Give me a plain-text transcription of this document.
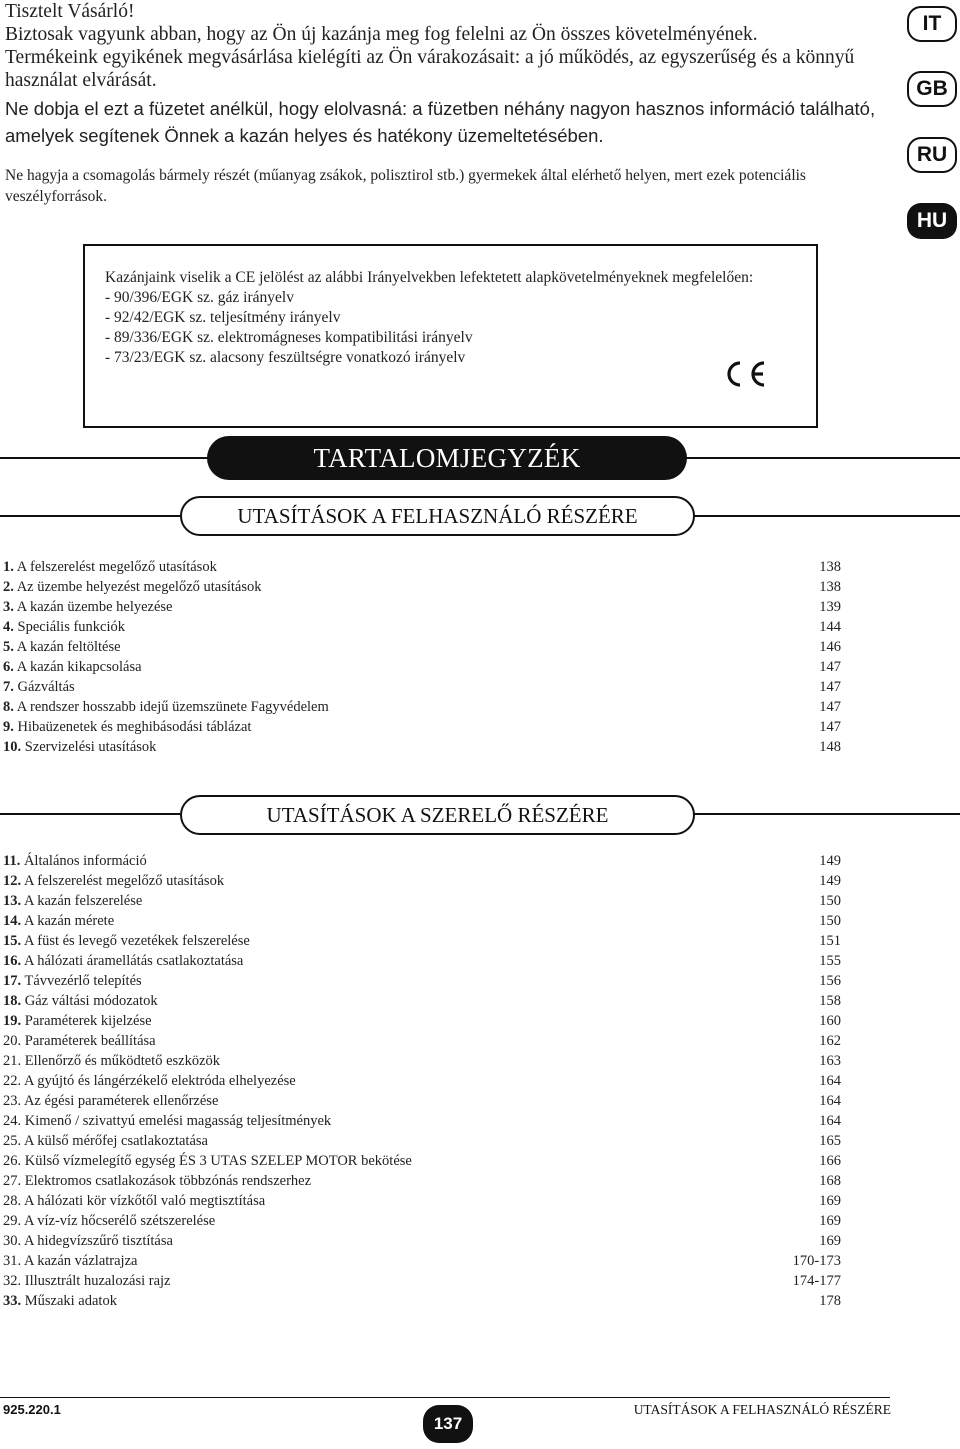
Tisztelt Vásárló!
Biztosak vagyunk abban, hogy az Ön új kazánja meg fog felelni az Ön összes követelményének.
Termékeink egyikének megvásárlása kielégíti az Ön várakozásait: a jó működés, az egyszerűség és a könnyű használat elvárását.
Ne dobja el ezt a füzetet anélkül, hogy elolvasná: a füzetben néhány nagyon hasznos információ található, amelyek segítenek Önnek a kazán helyes és hatékony üzemeltetésében.
Ne hagyja a csomagolás bármely részét (műanyag zsákok, polisztirol stb.) gyermekek által elérhető helyen, mert ezek potenciális veszélyforrások.
IT
GB
RU
HU
Kazánjaink viselik a CE jelölést az alábbi Irányelvekben lefektetett alapkövetelményeknek megfelelően:
- 90/396/EGK sz. gáz irányelv
- 92/42/EGK sz. teljesítmény irányelv
- 89/336/EGK sz. elektromágneses kompatibilitási irányelv
- 73/23/EGK sz. alacsony feszültségre vonatkozó irányelv
TARTALOMJEGYZÉK
UTASÍTÁSOK A FELHASZNÁLÓ RÉSZÉRE
1. A felszerelést megelőző utasítások	138
2. Az üzembe helyezést megelőző utasítások	138
3. A kazán üzembe helyezése	139
4. Speciális funkciók	144
5. A kazán feltöltése	146
6. A kazán kikapcsolása	147
7. Gázváltás	147
8. A rendszer hosszabb idejű üzemszünete Fagyvédelem	147
9. Hibaüzenetek és meghibásodási táblázat	147
10. Szervizelési utasítások	148
UTASÍTÁSOK A SZERELŐ RÉSZÉRE
11. Általános információ	149
12. A felszerelést megelőző utasítások	149
13. A kazán felszerelése	150
14. A kazán mérete	150
15. A füst és levegő vezetékek felszerelése	151
16. A hálózati áramellátás csatlakoztatása	155
17. Távvezérlő telepítés	156
18. Gáz váltási módozatok	158
19. Paraméterek kijelzése	160
20. Paraméterek beállítása	162
21. Ellenőrző és működtető eszközök	163
22. A gyújtó és lángérzékelő elektróda elhelyezése	164
23. Az égési paraméterek ellenőrzése	164
24. Kimenő / szivattyú emelési magasság teljesítmények	164
25. A külső mérőfej csatlakoztatása	165
26. Külső vízmelegítő egység ÉS 3 UTAS SZELEP MOTOR bekötése	166
27. Elektromos csatlakozások többzónás rendszerhez	168
28. A hálózati kör vízkőtől való megtisztítása	169
29. A víz-víz hőcserélő szétszerelése	169
30. A hidegvízszűrő tisztítása	169
31. A kazán vázlatrajza	170-173
32. Illusztrált huzalozási rajz	174-177
33. Műszaki adatok	178
925.220.1
137
UTASÍTÁSOK A FELHASZNÁLÓ RÉSZÉRE
